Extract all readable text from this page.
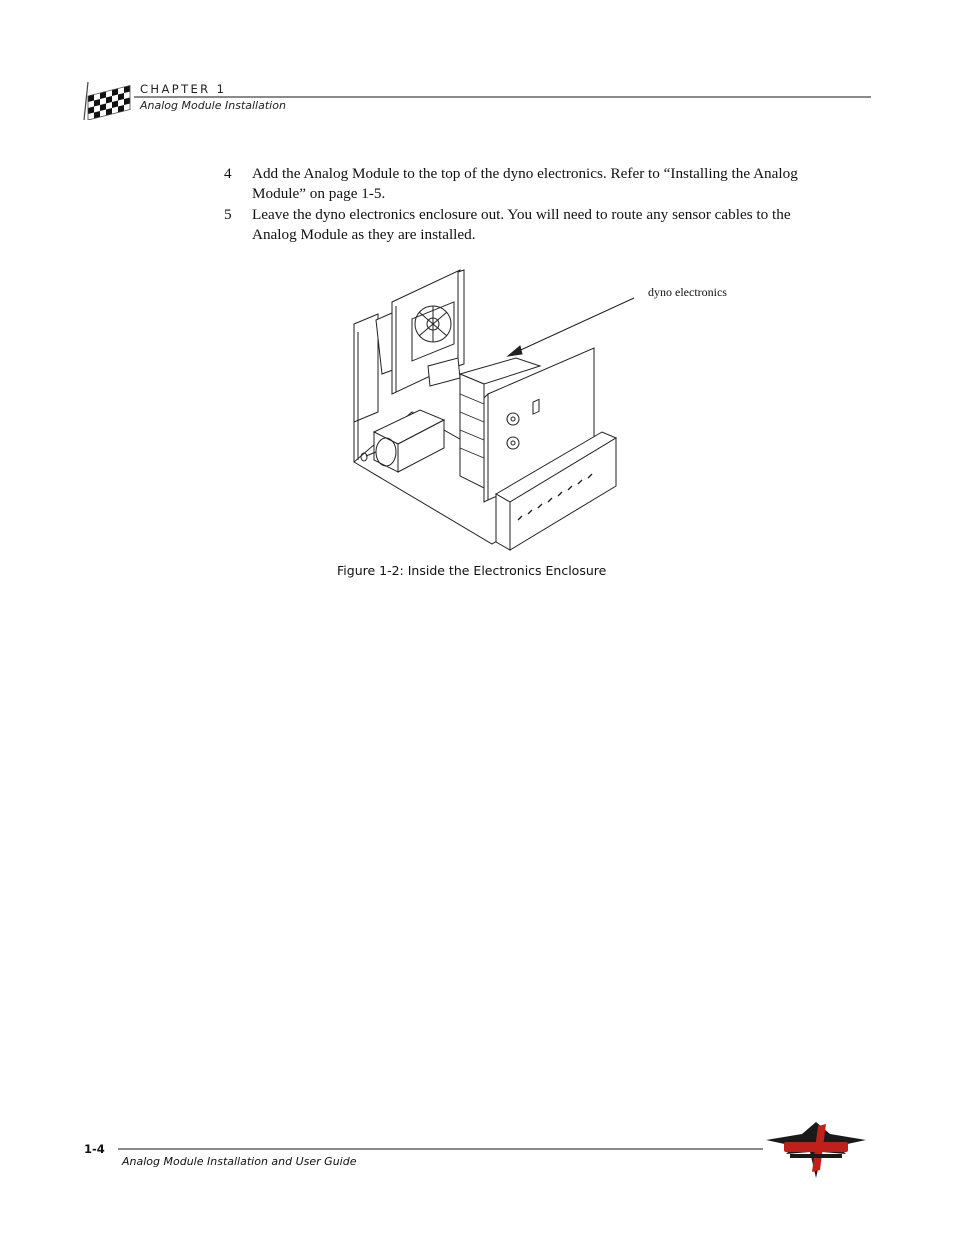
CHAPTER 1
Analog Module Installation
4	Add the Analog Module to the top of the dyno electronics. Refer to “Installing the Analog Module” on page 1-5.
5	Leave the dyno electronics enclosure out. You will need to route any sensor cables to the Analog Module as they are installed.
dyno electronics
Figure 1-2: Inside the Electronics Enclosure
1-4
Analog Module Installation and User Guide
